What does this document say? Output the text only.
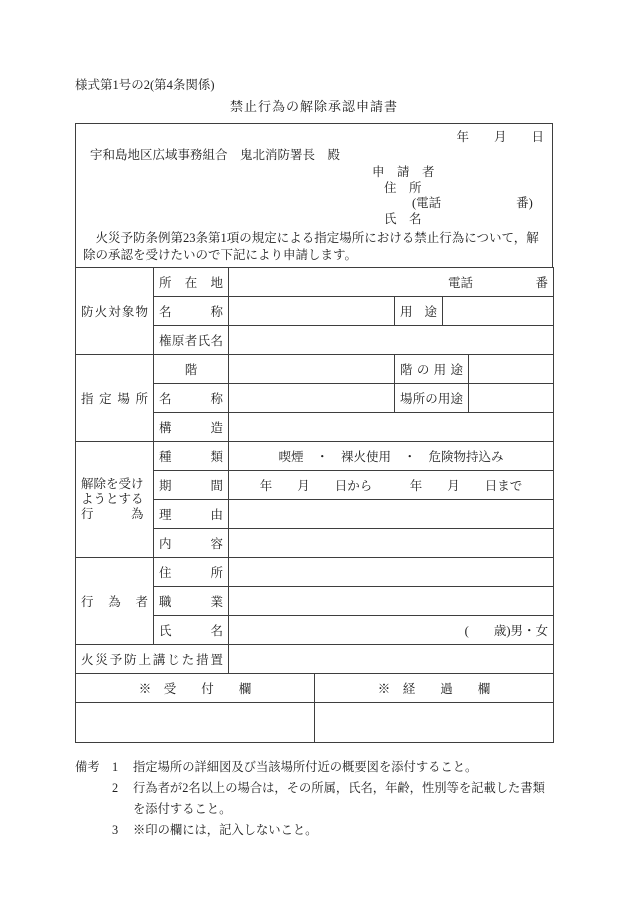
様式第1号の2(第4条関係)
禁止行為の解除承認申請書
年　　月　　日
宇和島地区広域事務組合　鬼北消防署長　殿
申　請　者
住　所
(電話　　　　　　番)
氏　名
　火災予防条例第23条第1項の規定による指定場所における禁止行為について，解除の承認を受けたいので下記により申請します。
防火対象物	所在地	電話　　　　　番				
	名称			用途		
	権原者氏名					
指定場所	階			階の用途		
	名称			場所の用途		
	構造					

解除を受け
ようとする
行　　　為	種類	喫煙　・　裸火使用　・　危険物持込み				
	期間	年　　月　　日から　　　年　　月　　日まで				
	理由					
	内容					
行為者	住所					
	職業					
	氏名	(　　歳)男・女				
火災予防上講じた措置						
※　受　　付　　欄			※　経　　過　　欄			

備考	1	指定場所の詳細図及び当該場所付近の概要図を添付すること。
2	行為者が2名以上の場合は，その所属，氏名，年齢，性別等を記載した書類を添付すること。
3	※印の欄には，記入しないこと。
